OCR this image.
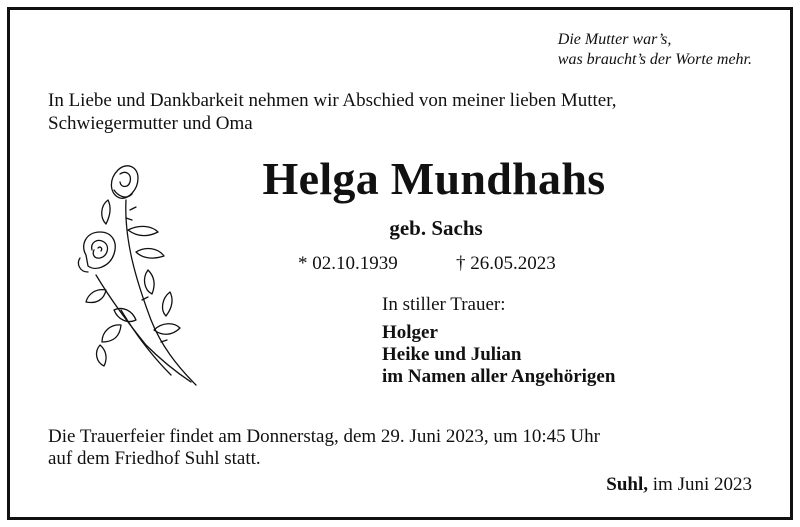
Die Mutter war’s,
was braucht’s der Worte mehr.
In Liebe und Dankbarkeit nehmen wir Abschied von meiner lieben Mutter,
Schwiegermutter und Oma
Helga Mundhahs
geb. Sachs
* 02.10.1939	† 26.05.2023
In stiller Trauer:
Holger
Heike und Julian
im Namen aller Angehörigen
Die Trauerfeier findet am Donnerstag, dem 29. Juni 2023, um 10:45 Uhr
auf dem Friedhof Suhl statt.
Suhl, im Juni 2023
